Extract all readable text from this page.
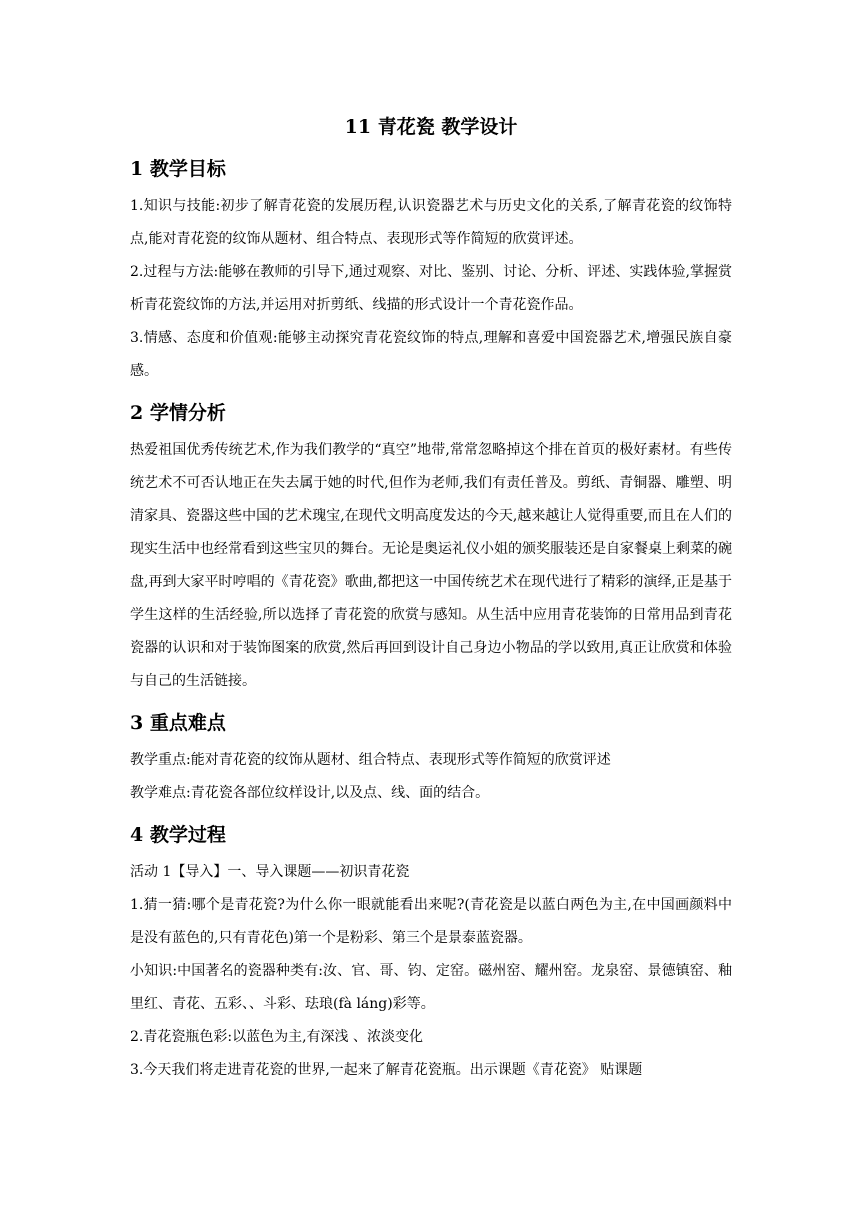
11 青花瓷 教学设计
1 教学目标

1.知识与技能:初步了解青花瓷的发展历程,认识瓷器艺术与历史文化的关系,了解青花瓷的纹饰特点,能对青花瓷的纹饰从题材、组合特点、表现形式等作简短的欣赏评述。

2.过程与方法:能够在教师的引导下,通过观察、对比、鉴别、讨论、分析、评述、实践体验,掌握赏析青花瓷纹饰的方法,并运用对折剪纸、线描的形式设计一个青花瓷作品。

3.情感、态度和价值观:能够主动探究青花瓷纹饰的特点,理解和喜爱中国瓷器艺术,增强民族自豪感。

2 学情分析

热爱祖国优秀传统艺术,作为我们教学的“真空”地带,常常忽略掉这个排在首页的极好素材。有些传统艺术不可否认地正在失去属于她的时代,但作为老师,我们有责任普及。剪纸、青铜器、雕塑、明清家具、瓷器这些中国的艺术瑰宝,在现代文明高度发达的今天,越来越让人觉得重要,而且在人们的现实生活中也经常看到这些宝贝的舞台。无论是奥运礼仪小姐的颁奖服装还是自家餐桌上剩菜的碗盘,再到大家平时哼唱的《青花瓷》歌曲,都把这一中国传统艺术在现代进行了精彩的演绎,正是基于学生这样的生活经验,所以选择了青花瓷的欣赏与感知。从生活中应用青花装饰的日常用品到青花瓷器的认识和对于装饰图案的欣赏,然后再回到设计自己身边小物品的学以致用,真正让欣赏和体验与自己的生活链接。

3 重点难点

教学重点:能对青花瓷的纹饰从题材、组合特点、表现形式等作简短的欣赏评述

教学难点:青花瓷各部位纹样设计,以及点、线、面的结合。

4 教学过程

活动 1【导入】一、导入课题——初识青花瓷

1.猜一猜:哪个是青花瓷?为什么你一眼就能看出来呢?(青花瓷是以蓝白两色为主,在中国画颜料中是没有蓝色的,只有青花色)第一个是粉彩、第三个是景泰蓝瓷器。

小知识:中国著名的瓷器种类有:汝、官、哥、钧、定窑。磁州窑、耀州窑。龙泉窑、景德镇窑、釉里红、青花、五彩、、斗彩、珐琅(fà láng)彩等。

2.青花瓷瓶色彩:以蓝色为主,有深浅 、浓淡变化

3.今天我们将走进青花瓷的世界,一起来了解青花瓷瓶。出示课题《青花瓷》 贴课题
